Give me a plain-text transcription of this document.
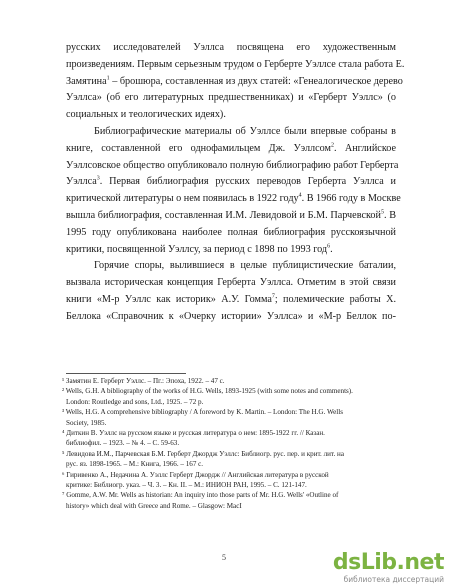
русских исследователей Уэллса посвящена его художественным
произведениям. Первым серьезным трудом о Герберте Уэллсе стала работа Е.
Замятина$^1$ – брошюра, составленная из двух статей: «Генеалогическое дерево
Уэллса» (об его литературных предшественниках) и «Герберт Уэллс» (о
социальных и теологических идеях).
Библиографические материалы об Уэллсе были впервые собраны в
книге, составленной его однофамильцем Дж. Уэллсом$^2$. Английское
Уэллсовское общество опубликовало полную библиографию работ Герберта
Уэллса$^3$. Первая библиография русских переводов Герберта Уэллса и
критической литературы о нем появилась в 1922 году$^4$. В 1966 году в Москве
вышла библиография, составленная И.М. Левидовой и Б.М. Парчевской$^5$. В
1995 году опубликована наиболее полная библиография русскоязычной
критики, посвященной Уэллсу, за период с 1898 по 1993 год$^6$.
Горячие споры, вылившиеся в целые публицистические баталии,
вызвала историческая концепция Герберта Уэллса. Отметим в этой связи
книги «М-р Уэллс как историк» А.У. Гомма$^7$; полемические работы Х.
Беллока «Справочник к «Очерку истории» Уэллса» и «М-р Беллок по-
¹ Замятин Е. Герберт Уэллс. – Пг.: Эпоха, 1922. – 47 с.
² Wells, G.H. A bibliography of the works of H.G. Wells, 1893-1925 (with some notes and comments).
London: Routledge and sons, Ltd., 1925. – 72 p.
³ Wells, H.G. A comprehensive bibliography / A foreword by K. Martin. – London: The H.G. Wells
Society, 1985.
⁴ Диткин В. Уэллс на русском языке и русская литература о нем: 1895-1922 гг. // Казан.
библиофил. – 1923. – № 4. – С. 59-63.
⁵ Левидова И.М., Парчевская Б.М. Герберт Джордж Уэллс: Библиогр. рус. пер. и крит. лит. на
рус. яз. 1898-1965. – М.: Книга, 1966. – 167 с.
⁶ Гиривенко А., Недачина А. Уэллс Герберт Джордж // Английская литература в русской
критике: Библиогр. указ. – Ч. 3. – Кн. II. – М.: ИНИОН РАН, 1995. – С. 121-147.
⁷ Gomme, A.W. Mr. Wells as historian: An inquiry into those parts of Mr. H.G. Wells' «Outline of
history» which deal with Greece and Rome. – Glasgow: MacI
5	dsLib.net
библиотека диссертаций
